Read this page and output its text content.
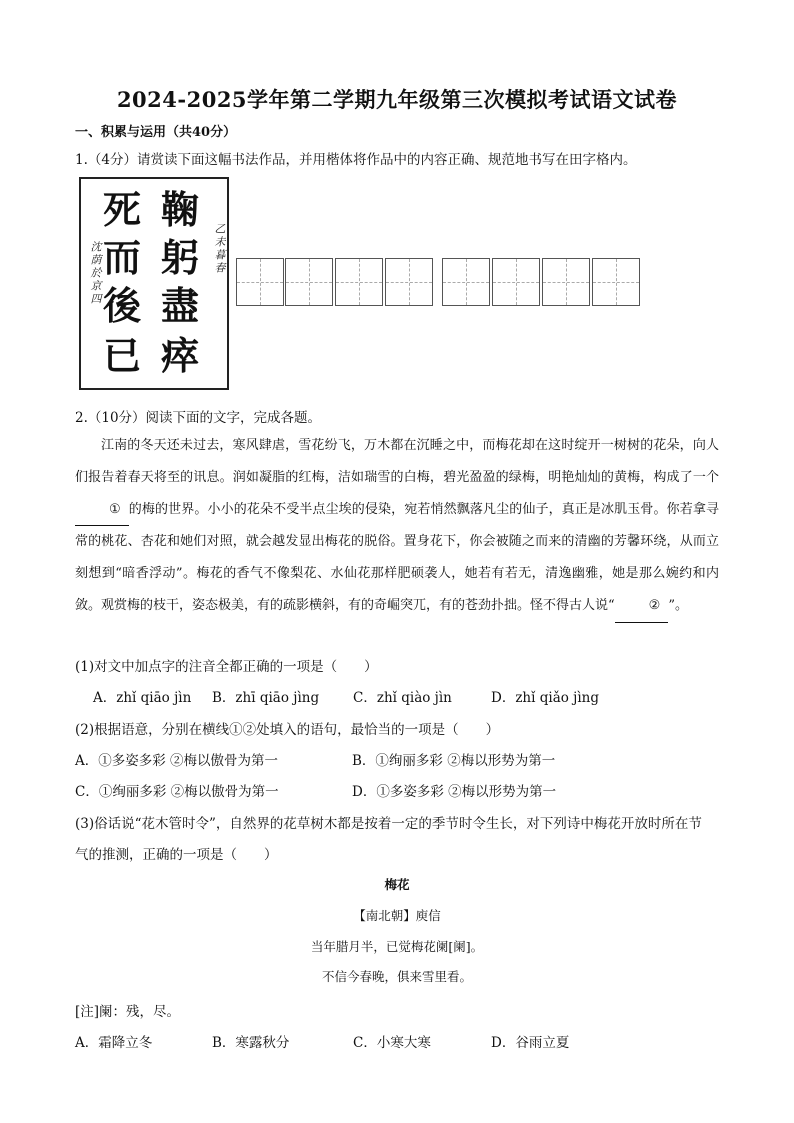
2024-2025学年第二学期九年级第三次模拟考试语文试卷
一、积累与运用（共40分）
1.（4分）请赏读下面这幅书法作品，并用楷体将作品中的内容正确、规范地书写在田字格内。
鞠
躬
盡
瘁
死
而
後
已
乙未暮春
沈荫於京四
2.（10分）阅读下面的文字，完成各题。

江南的冬天还未过去，寒风肆虐，雪花纷飞，万木都在沉睡之中，而梅花却在这时绽开一树树的花朵，向人们报告着春天将至的讯息。润如凝脂的红梅，洁如瑞雪的白梅，碧光盈盈的绿梅，明艳灿灿的黄梅，构成了一个① 的梅的世界。小小的花朵不受半点尘埃的侵染，宛若悄然飘落凡尘的仙子，真正是冰肌玉骨。你若拿寻常的桃花、杏花和她们对照，就会越发显出梅花的脱俗。置身花下，你会被随之而来的清幽的芳馨环绕，从而立刻想到“暗香浮动”。梅花的香气不像梨花、水仙花那样肥硕袭人，她若有若无，清逸幽雅，她是那么婉约和内敛。观赏梅的枝干，姿态极美，有的疏影横斜，有的奇崛突兀，有的苍劲扑拙。怪不得古人说“	② ”。

(1)对文中加点字的注音全都正确的一项是（　　）
A．zhǐ qiāo jìn B．zhī qiāo jìng	C．zhǐ qiào jìn	D．zhǐ qiǎo jìng
(2)根据语意，分别在横线①②处填入的语句，最恰当的一项是（　　）
A．①多姿多彩 ②梅以傲骨为第一	B．①绚丽多彩 ②梅以形势为第一
C．①绚丽多彩 ②梅以傲骨为第一	D．①多姿多彩 ②梅以形势为第一
(3)俗话说“花木管时令”，自然界的花草树木都是按着一定的季节时令生长，对下列诗中梅花开放时所在节
气的推测，正确的一项是（　　）
梅花
【南北朝】庾信
当年腊月半，已觉梅花阑[阑]。
不信今春晚，俱来雪里看。
[注]阑：残，尽。
A．霜降立冬	B．寒露秋分	C．小寒大寒	D．谷雨立夏
